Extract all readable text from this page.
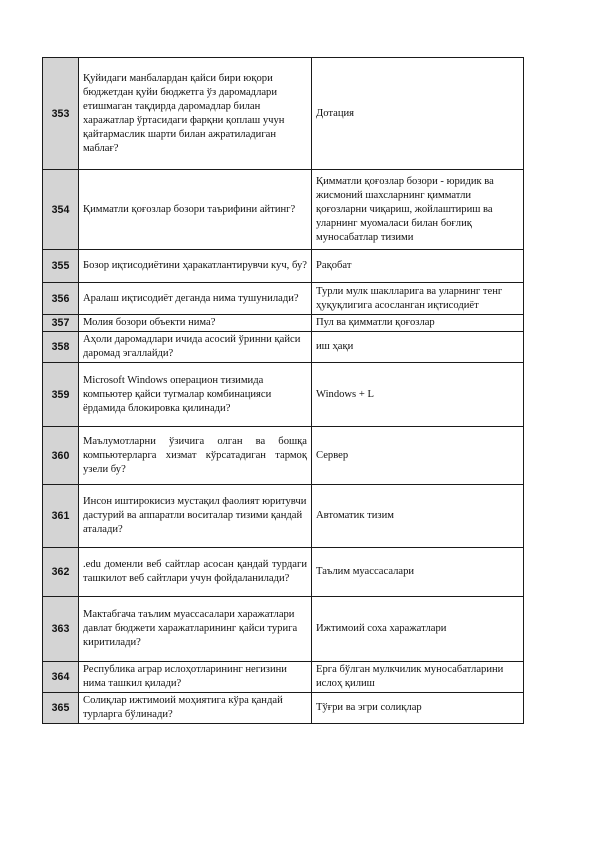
353	Қуйидаги манбалардан қайси бири юқори бюджетдан қуйи бюджетга ўз даромадлари етишмаган тақдирда даромадлар билан харажатлар ўртасидаги фарқни қоплаш учун қайтармаслик шарти билан ажратиладиган маблағ?	Дотация
354	Қимматли қоғозлар бозори таърифини айтинг?	Қимматли қоғозлар бозори - юридик ва жисмоний шахсларнинг қимматли қоғозларни чиқариш, жойлаштириш ва уларнинг муомаласи билан боғлиқ муносабатлар тизими
355	Бозор иқтисодиётини ҳаракатлантирувчи куч, бу?	Рақобат
356	Аралаш иқтисодиёт деганда нима тушунилади?	Турли мулк шаклларига ва уларнинг тенг ҳуқуқлигига асосланган иқтисодиёт
357	Молия бозори объекти нима?	Пул ва қимматли қоғозлар
358	Аҳоли даромадлари ичида асосий ўринни қайси даромад эгаллайди?	иш ҳақи
359	Microsoft Windows операцион тизимида компьютер қайси тугмалар комбинацияси ёрдамида блокировка қилинади?	Windows + L
360	Маълумотларни ўзичига олган ва бошқа компьютерларга хизмат кўрсатадиган тармоқ узели бу?	Сервер
361	Инсон иштирокисиз мустақил фаолият юритувчи дастурий ва аппаратли воситалар тизими қандай аталади?	Автоматик тизим
362	.edu доменли веб сайтлар асосан қандай турдаги ташкилот веб сайтлари учун фойдаланилади?	Таълим муассасалари
363	Мактабгача таълим муассасалари харажатлари давлат бюджети харажатларининг қайси турига киритилади?	Ижтимоий соха харажатлари
364	Республика аграр ислоҳотларининг негизини нима ташкил қилади?	Ерга бўлган мулкчилик муносабатларини ислоҳ қилиш
365	Солиқлар ижтимоий моҳиятига кўра қандай турларга бўлинади?	Тўғри ва эгри солиқлар
